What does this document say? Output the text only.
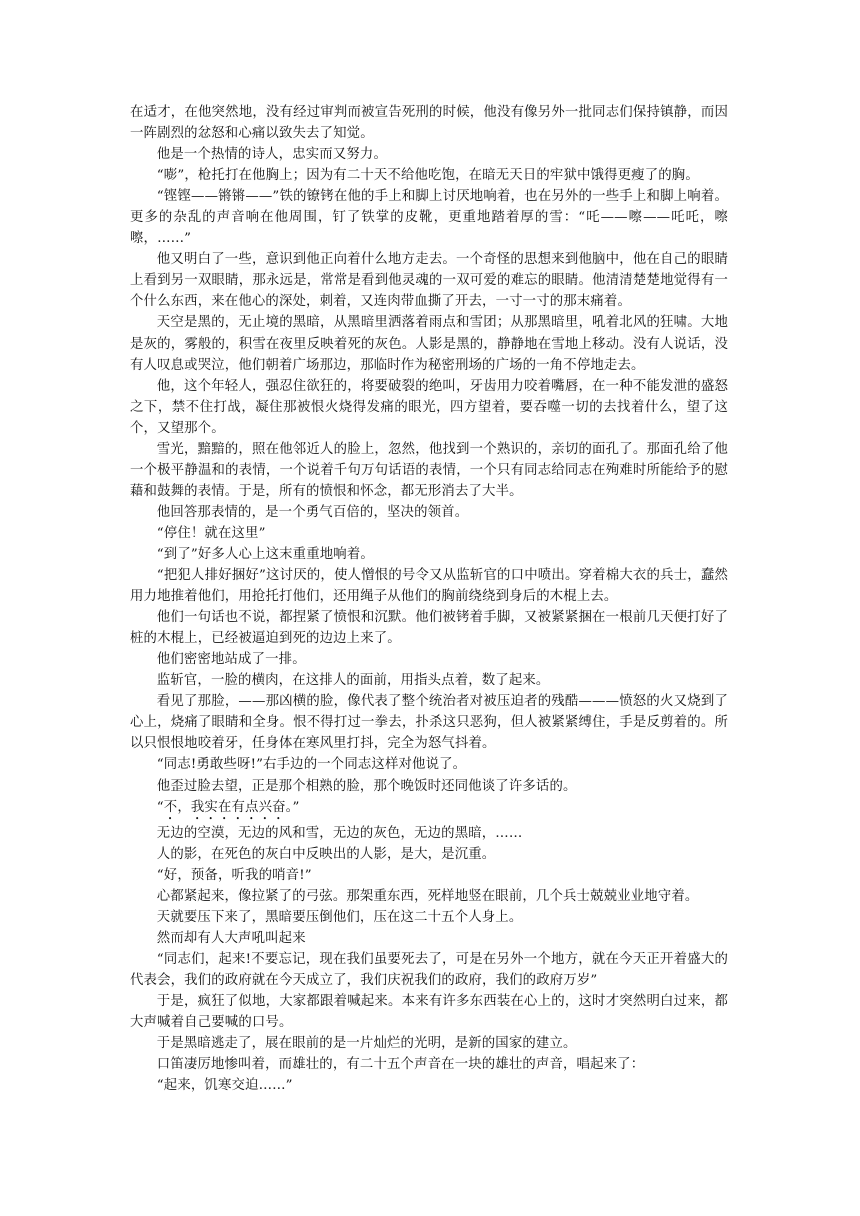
在适才，在他突然地，没有经过审判而被宣告死刑的时候，他没有像另外一批同志们保持镇静，而因一阵剧烈的忿怒和心痛以致失去了知觉。

他是一个热情的诗人，忠实而又努力。

“嘭”，枪托打在他胸上；因为有二十天不给他吃饱，在暗无天日的牢狱中饿得更瘦了的胸。

“铿铿——锵锵——”铁的镣铐在他的手上和脚上讨厌地响着，也在另外的一些手上和脚上响着。更多的杂乱的声音响在他周围，钉了铁掌的皮靴，更重地踏着厚的雪：“吒——嚓——吒吒，嚓嚓，……”

他又明白了一些，意识到他正向着什么地方走去。一个奇怪的思想来到他脑中，他在自己的眼睛上看到另一双眼睛，那永远是，常常是看到他灵魂的一双可爱的难忘的眼睛。他清清楚楚地觉得有一个什么东西，来在他心的深处，刺着，又连肉带血撕了开去，一寸一寸的那末痛着。

天空是黑的，无止境的黑暗，从黑暗里洒落着雨点和雪团；从那黑暗里，吼着北风的狂啸。大地是灰的，雾般的，积雪在夜里反映着死的灰色。人影是黑的，静静地在雪地上移动。没有人说话，没有人叹息或哭泣，他们朝着广场那边，那临时作为秘密刑场的广场的一角不停地走去。

他，这个年轻人，强忍住欲狂的，将要破裂的绝叫，牙齿用力咬着嘴唇，在一种不能发泄的盛怒之下，禁不住打战，凝住那被恨火烧得发痛的眼光，四方望着，要吞噬一切的去找着什么，望了这个，又望那个。

雪光，黯黯的，照在他邻近人的脸上，忽然，他找到一个熟识的，亲切的面孔了。那面孔给了他一个极平静温和的表情，一个说着千句万句话语的表情，一个只有同志给同志在殉难时所能给予的慰藉和鼓舞的表情。于是，所有的愤恨和怀念，都无形消去了大半。

他回答那表情的，是一个勇气百倍的，坚决的领首。

“停住！就在这里”

“到了”好多人心上这末重重地响着。

“把犯人排好捆好”这讨厌的，使人憎恨的号令又从监斩官的口中喷出。穿着棉大衣的兵士，蠢然用力地推着他们，用抢托打他们，还用绳子从他们的胸前绕绕到身后的木棍上去。

他们一句话也不说，都捏紧了愤恨和沉默。他们被铐着手脚，又被紧紧捆在一根前几天便打好了桩的木棍上，已经被逼迫到死的边边上来了。

他们密密地站成了一排。

监斩官，一脸的横肉，在这排人的面前，用指头点着，数了起来。

看见了那脸，——那凶横的脸，像代表了整个统治者对被压迫者的残酷———愤怒的火又烧到了心上，烧痛了眼睛和全身。恨不得打过一拳去，扑杀这只恶狗，但人被紧紧缚住，手是反剪着的。所以只恨恨地咬着牙，任身体在寒风里打抖，完全为怒气抖着。

“同志!勇敢些呀!”右手边的一个同志这样对他说了。

他歪过脸去望，正是那个相熟的脸，那个晚饭时还同他谈了许多话的。

“不，我实在有点兴奋。”

无边的空漠，无边的风和雪，无边的灰色，无边的黑暗，……

人的影，在死色的灰白中反映出的人影，是大，是沉重。

“好，预备，听我的哨音!”

心都紧起来，像拉紧了的弓弦。那架重东西，死样地竖在眼前，几个兵士兢兢业业地守着。

天就要压下来了，黑暗要压倒他们，压在这二十五个人身上。

然而却有人大声吼叫起来

“同志们，起来!不要忘记，现在我们虽要死去了，可是在另外一个地方，就在今天正开着盛大的代表会，我们的政府就在今天成立了，我们庆祝我们的政府，我们的政府万岁”

于是，疯狂了似地，大家都跟着喊起来。本来有许多东西装在心上的，这时才突然明白过来，都大声喊着自己要喊的口号。

于是黑暗逃走了，展在眼前的是一片灿烂的光明，是新的国家的建立。

口笛凄厉地惨叫着，而雄壮的，有二十五个声音在一块的雄壮的声音，唱起来了：

“起来，饥寒交迫……”
